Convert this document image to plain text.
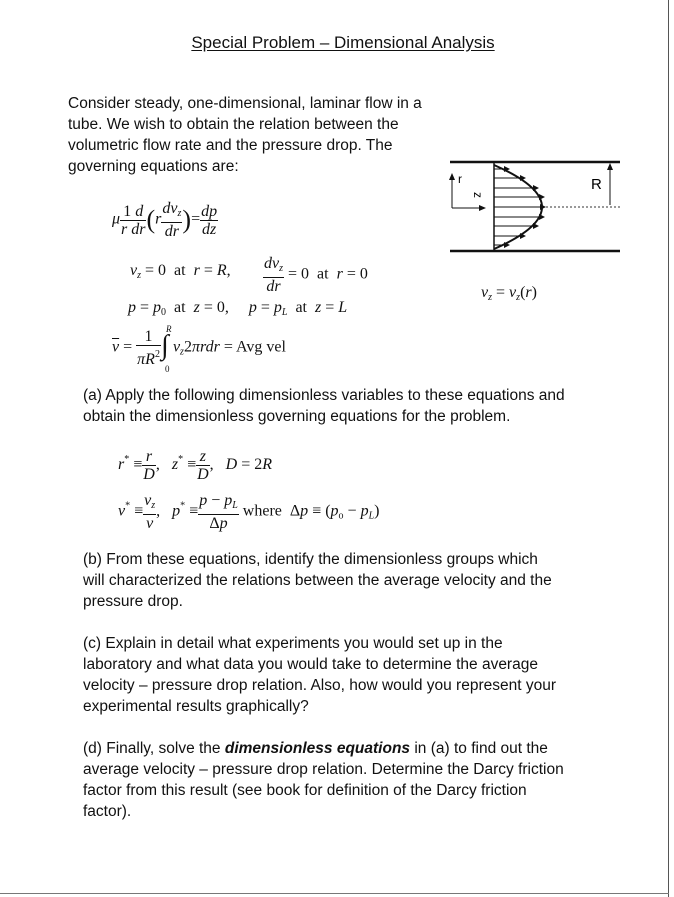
Special Problem – Dimensional Analysis
Consider steady, one-dimensional, laminar flow in a tube. We wish to obtain the relation between the volumetric flow rate and the pressure drop. The governing equations are:
μ $\frac{1 d}{\text{r dr}} (r \frac{dv_z}{dr}$ )= $\frac{dp}{dz}$
$v_z = 0$  at  r = R, $\frac{dv_z}{dr} = 0$  at  r = 0
$p = p_0$  at  z = 0,     $p = p_L$  at  z = L
$\overline{v} = \frac{1}{\pi R^2}$ R
∫
0
$v_z2\pi rdr$ = Avg vel
r
z
R
$v_z = v_z(r)$
(a) Apply the following dimensionless variables to these equations and obtain the dimensionless governing equations for the problem.
$r^* \equiv \frac{r}{D}$ ,   $z^* \equiv \frac{z}{D}$ ,   D = 2R
$v^* \equiv \frac{v_z}{v}$ ,   $p^* \equiv \frac{p - p_L}{\Delta p}$ where  $\Delta p \equiv (p_o - p_L)$
(b) From these equations, identify the dimensionless groups which will characterized the relations between the average velocity and the pressure drop.
(c) Explain in detail what experiments you would set up in the laboratory and what data you would take to determine the average velocity – pressure drop relation. Also, how would you represent your experimental results graphically?
(d) Finally, solve the dimensionless equations in (a) to find out the average velocity – pressure drop relation. Determine the Darcy friction factor from this result (see book for definition of the Darcy friction factor).
